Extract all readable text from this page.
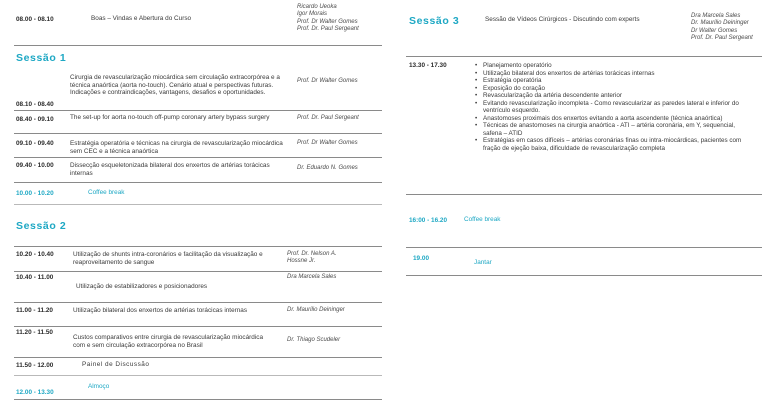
08.00 - 08.10	Boas – Vindas e Abertura do Curso
Ricardo Ueoka
Igor Morais
Prof. Dr Walter Gomes
Prof. Dr. Paul Sergeant
Sessão 1
Cirurgia de revascularização miocárdica sem circulação extracorpórea e a técnica anaórtica (aorta no-touch). Cenário atual e perspectivas futuras. Indicações e contraindicações, vantagens, desafios e oportunidades.
Prof. Dr Walter Gomes
08.10 - 08.40
08.40 - 09.10	The set-up for aorta no-touch off-pump coronary artery bypass surgery	Prof. Dr. Paul Sergeant
09.10 - 09.40	Estratégia operatória e técnicas na cirurgia de revascularização miocárdica sem CEC e a técnica anaórtica
Prof. Dr Walter Gomes
09.40 - 10.00	Dissecção esqueletonizada bilateral dos enxertos de artérias torácicas internas
Dr. Eduardo N. Gomes
10.00 - 10.20	Coffee break
Sessão 2
10.20 - 10.40	Utilização de shunts intra-coronários e facilitação da visualização e reaproveitamento de sangue
Prof. Dr. Nelson A. Hossne Jr.
10.40 - 11.00
Utilização de estabilizadores e posicionadores
Dra Marcela Sales
11.00 - 11.20	Utilização bilateral dos enxertos de artérias torácicas internas	Dr. Maurilio Deininger
11.20 - 11.50
Custos comparativos entre cirurgia de revascularização miocárdica com e sem circulação extracorpórea no Brasil
Dr. Thiago Scudeler
11.50 - 12.00	Painel de Discussão
12.00 - 13.30
Almoço
Sessão 3	Sessão de Vídeos Cirúrgicos - Discutindo com experts	Dra Marcela Sales
Dr. Maurilio Deininger
Dr Walter Gomes
Prof. Dr. Paul Sergeant
13.30 - 17.30
•	Planejamento operatório
• Utilização bilateral dos enxertos de artérias torácicas internas
• Estratégia operatória
• Exposição do coração
• Revascularização da artéria descendente anterior
• Evitando revascularização incompleta - Como revascularizar as paredes lateral e inferior do ventrículo esquerdo.
• Anastomoses proximais dos enxertos evitando a aorta ascendente (técnica anaórtica)
• Técnicas de anastomoses na cirurgia anaórtica - ATI – artéria coronária, em Y, sequencial, safena – ATID
• Estratégias em casos difíceis – artérias coronárias finas ou intra-miocárdicas, pacientes com fração de ejeção baixa, dificuldade de revascularização completa
16:00 - 16.20	Coffee break
19.00
Jantar
